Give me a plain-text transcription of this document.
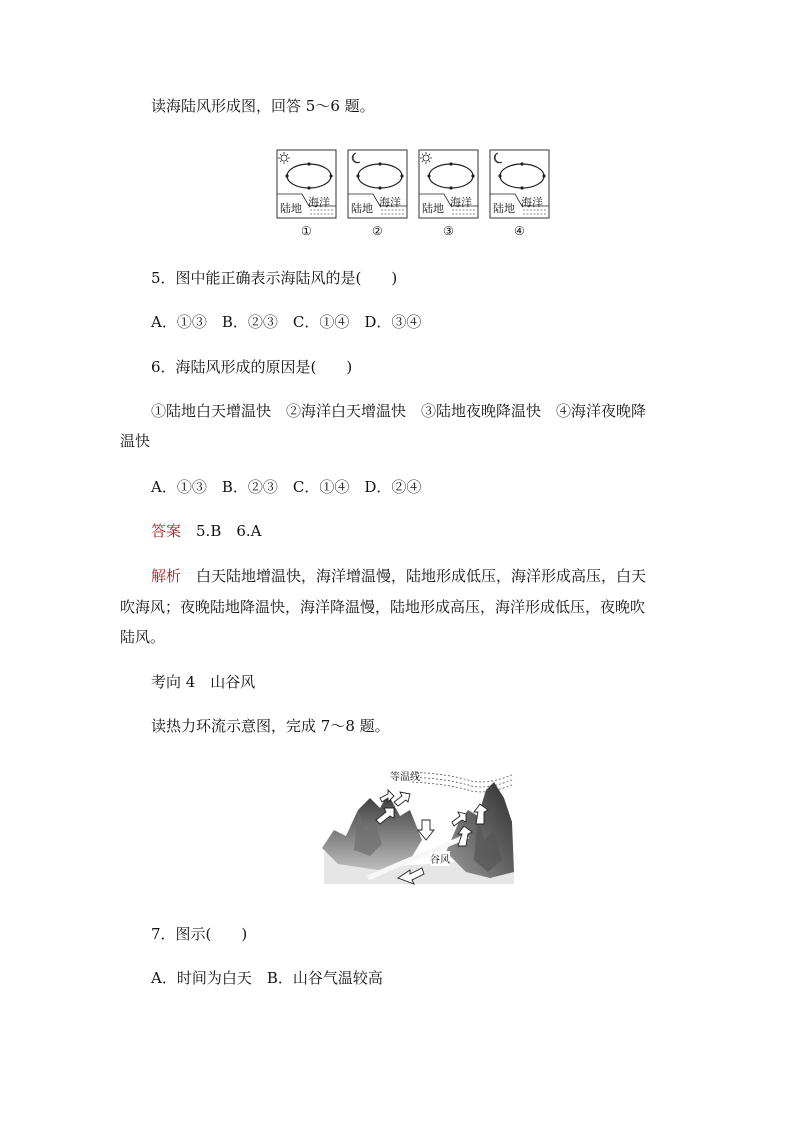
读海陆风形成图，回答 5～6 题。
陆地 海洋 陆地 海洋 陆地 海洋 陆地 海洋
①	②	③	④
5．图中能正确表示海陆风的是(　　)
A．①③　B．②③　C．①④　D．③④
6．海陆风形成的原因是(　　)
①陆地白天增温快　②海洋白天增温快　③陆地夜晚降温快　④海洋夜晚降
温快
A．①③　B．②③　C．①④　D．②④
答案　5.B　6.A
解析　白天陆地增温快，海洋增温慢，陆地形成低压，海洋形成高压，白天
吹海风；夜晚陆地降温快，海洋降温慢，陆地形成高压，海洋形成低压，夜晚吹
陆风。
考向 4　山谷风
读热力环流示意图，完成 7～8 题。
等温线
谷风
7．图示(　　)
A．时间为白天　B．山谷气温较高
